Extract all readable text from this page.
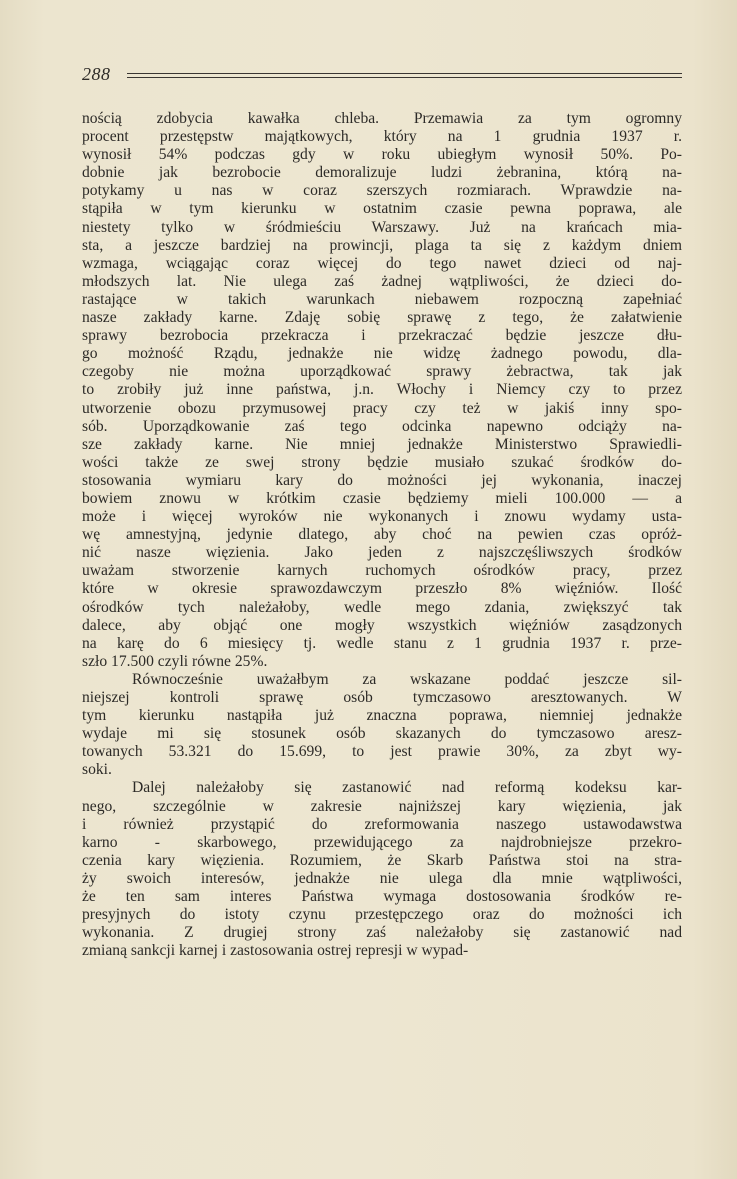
288
nością zdobycia kawałka chleba. Przemawia za tym ogromny
procent przestępstw majątkowych, który na 1 grudnia 1937 r.
wynosił 54% podczas gdy w roku ubiegłym wynosił 50%. Po-
dobnie jak bezrobocie demoralizuje ludzi żebranina, którą na-
potykamy u nas w coraz szerszych rozmiarach. Wprawdzie na-
stąpiła w tym kierunku w ostatnim czasie pewna poprawa, ale
niestety tylko w śródmieściu Warszawy. Już na krańcach mia-
sta, a jeszcze bardziej na prowincji, plaga ta się z każdym dniem
wzmaga, wciągając coraz więcej do tego nawet dzieci od naj-
młodszych lat. Nie ulega zaś żadnej wątpliwości, że dzieci do-
rastające w takich warunkach niebawem rozpoczną zapełniać
nasze zakłady karne. Zdaję sobię sprawę z tego, że załatwienie
sprawy bezrobocia przekracza i przekraczać będzie jeszcze dłu-
go możność Rządu, jednakże nie widzę żadnego powodu, dla-
czegoby nie można uporządkować sprawy żebractwa, tak jak
to zrobiły już inne państwa, j.n. Włochy i Niemcy czy to przez
utworzenie obozu przymusowej pracy czy też w jakiś inny spo-
sób. Uporządkowanie zaś tego odcinka napewno odciąży na-
sze zakłady karne. Nie mniej jednakże Ministerstwo Sprawiedli-
wości także ze swej strony będzie musiało szukać środków do-
stosowania wymiaru kary do możności jej wykonania, inaczej
bowiem znowu w krótkim czasie będziemy mieli 100.000 — a
może i więcej wyroków nie wykonanych i znowu wydamy usta-
wę amnestyjną, jedynie dlatego, aby choć na pewien czas opróż-
nić nasze więzienia. Jako jeden z najszczęśliwszych środków
uważam stworzenie karnych ruchomych ośrodków pracy, przez
które w okresie sprawozdawczym przeszło 8% więźniów. Ilość
ośrodków tych należałoby, wedle mego zdania, zwiększyć tak
dalece, aby objąć one mogły wszystkich więźniów zasądzonych
na karę do 6 miesięcy tj. wedle stanu z 1 grudnia 1937 r. prze-
szło 17.500 czyli równe 25%.
Równocześnie uważałbym za wskazane poddać jeszcze sil-
niejszej kontroli sprawę osób tymczasowo aresztowanych. W
tym kierunku nastąpiła już znaczna poprawa, niemniej jednakże
wydaje mi się stosunek osób skazanych do tymczasowo aresz-
towanych 53.321 do 15.699, to jest prawie 30%, za zbyt wy-
soki.
Dalej należałoby się zastanowić nad reformą kodeksu kar-
nego, szczególnie w zakresie najniższej kary więzienia, jak
i również przystąpić do zreformowania naszego ustawodawstwa
karno - skarbowego, przewidującego za najdrobniejsze przekro-
czenia kary więzienia. Rozumiem, że Skarb Państwa stoi na stra-
ży swoich interesów, jednakże nie ulega dla mnie wątpliwości,
że ten sam interes Państwa wymaga dostosowania środków re-
presyjnych do istoty czynu przestępczego oraz do możności ich
wykonania. Z drugiej strony zaś należałoby się zastanowić nad
zmianą sankcji karnej i zastosowania ostrej represji w wypad-
